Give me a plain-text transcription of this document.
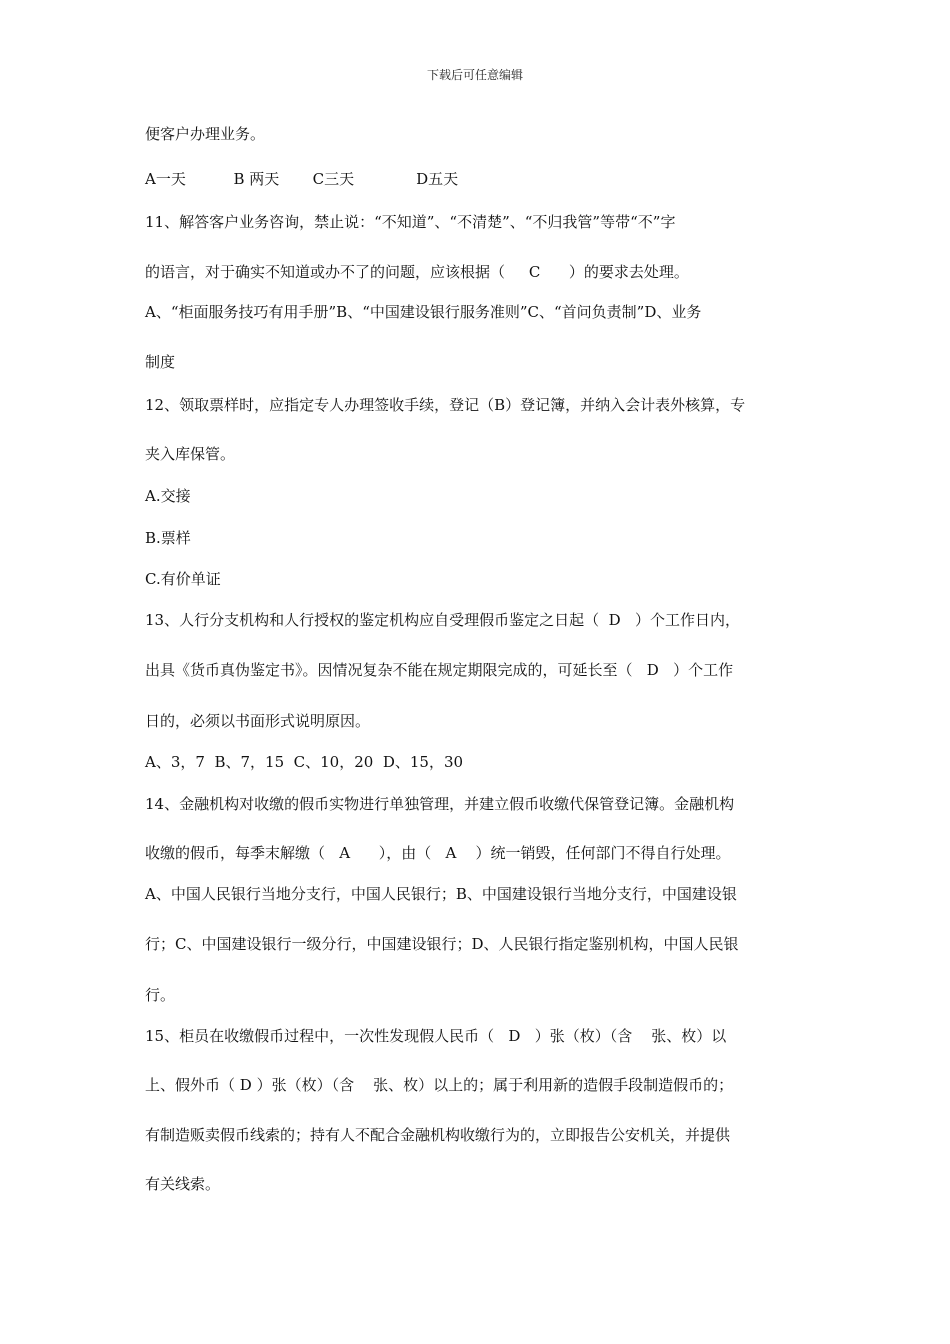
下载后可任意编辑
便客户办理业务。
A一天          B 两天       C三天             D五天
11、解答客户业务咨询，禁止说：“不知道”、“不清楚”、“不归我管”等带“不”字
的语言，对于确实不知道或办不了的问题，应该根据（     C      ）的要求去处理。
A、“柜面服务技巧有用手册”B、“中国建设银行服务准则”C、“首问负责制”D、业务
制度
12、领取票样时，应指定专人办理签收手续，登记（B）登记簿，并纳入会计表外核算，专
夹入库保管。
A.交接
B.票样
C.有价单证
13、人行分支机构和人行授权的鉴定机构应自受理假币鉴定之日起（  D   ）个工作日内，
出具《货币真伪鉴定书》。因情况复杂不能在规定期限完成的，可延长至（   D   ）个工作
日的，必须以书面形式说明原因。
A、3，7  B、7，15  C、10，20  D、15，30
14、金融机构对收缴的假币实物进行单独管理，并建立假币收缴代保管登记簿。金融机构
收缴的假币，每季末解缴（   A      ），由（   A    ）统一销毁，任何部门不得自行处理。
A、中国人民银行当地分支行，中国人民银行；B、中国建设银行当地分支行，中国建设银
行；C、中国建设银行一级分行，中国建设银行；D、人民银行指定鉴别机构，中国人民银
行。
15、柜员在收缴假币过程中，一次性发现假人民币（   D   ）张（枚）（含    张、枚）以
上、假外币（ D ）张（枚）（含    张、枚）以上的；属于利用新的造假手段制造假币的；
有制造贩卖假币线索的；持有人不配合金融机构收缴行为的，立即报告公安机关，并提供
有关线索。
